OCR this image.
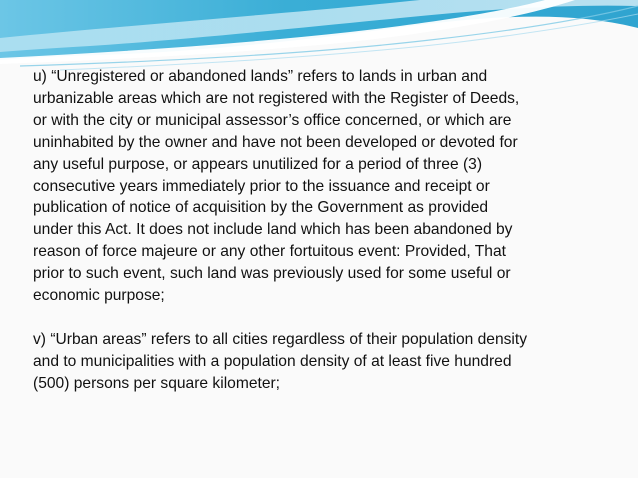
u) “Unregistered or abandoned lands” refers to lands in urban and
urbanizable areas which are not registered with the Register of Deeds,
or with the city or municipal assessor’s office concerned, or which are
uninhabited by the owner and have not been developed or devoted for
any useful purpose, or appears unutilized for a period of three (3)
consecutive years immediately prior to the issuance and receipt or
publication of notice of acquisition by the Government as provided
under this Act. It does not include land which has been abandoned by
reason of force majeure or any other fortuitous event: Provided, That
prior to such event, such land was previously used for some useful or
economic purpose;

v) “Urban areas” refers to all cities regardless of their population density
and to municipalities with a population density of at least five hundred
(500) persons per square kilometer;
